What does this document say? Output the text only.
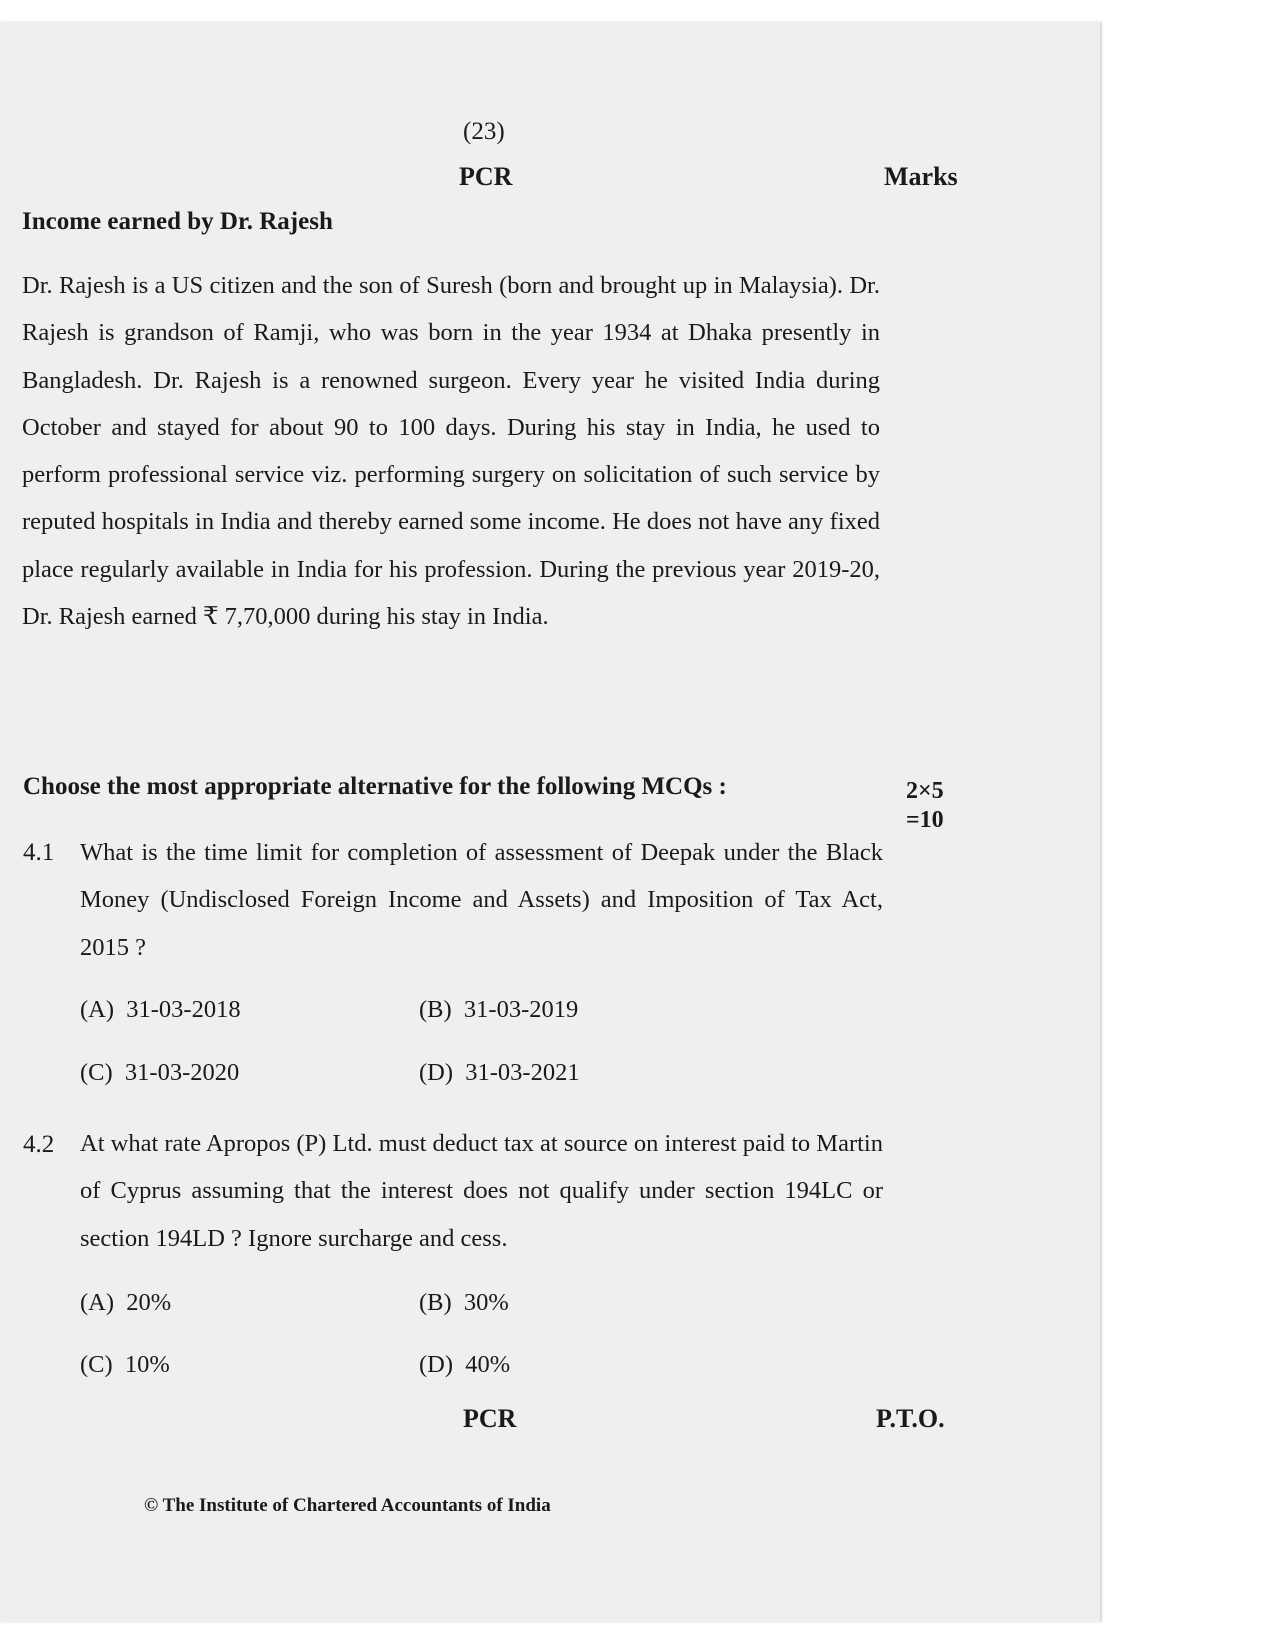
(23)
PCR	Marks
Income earned by Dr. Rajesh

Dr. Rajesh is a US citizen and the son of Suresh (born and brought up in Malaysia). Dr. Rajesh is grandson of Ramji, who was born in the year 1934 at Dhaka presently in Bangladesh. Dr. Rajesh is a renowned surgeon. Every year he visited India during October and stayed for about 90 to 100 days. During his stay in India, he used to perform professional service viz. performing surgery on solicitation of such service by reputed hospitals in India and thereby earned some income. He does not have any fixed place regularly available in India for his profession. During the previous year 2019-20, Dr. Rajesh earned ₹ 7,70,000 during his stay in India.

Choose the most appropriate alternative for the following MCQs :	2×5
=10
4.1 What is the time limit for completion of assessment of Deepak under the Black Money (Undisclosed Foreign Income and Assets) and Imposition of Tax Act, 2015 ?
(A) 31-03-2018	(B) 31-03-2019
(C) 31-03-2020	(D) 31-03-2021
4.2 At what rate Apropos (P) Ltd. must deduct tax at source on interest paid to Martin of Cyprus assuming that the interest does not qualify under section 194LC or section 194LD ? Ignore surcharge and cess.
(A) 20%	(B) 30%
(C) 10%	(D) 40%
PCR	P.T.O.
© The Institute of Chartered Accountants of India
